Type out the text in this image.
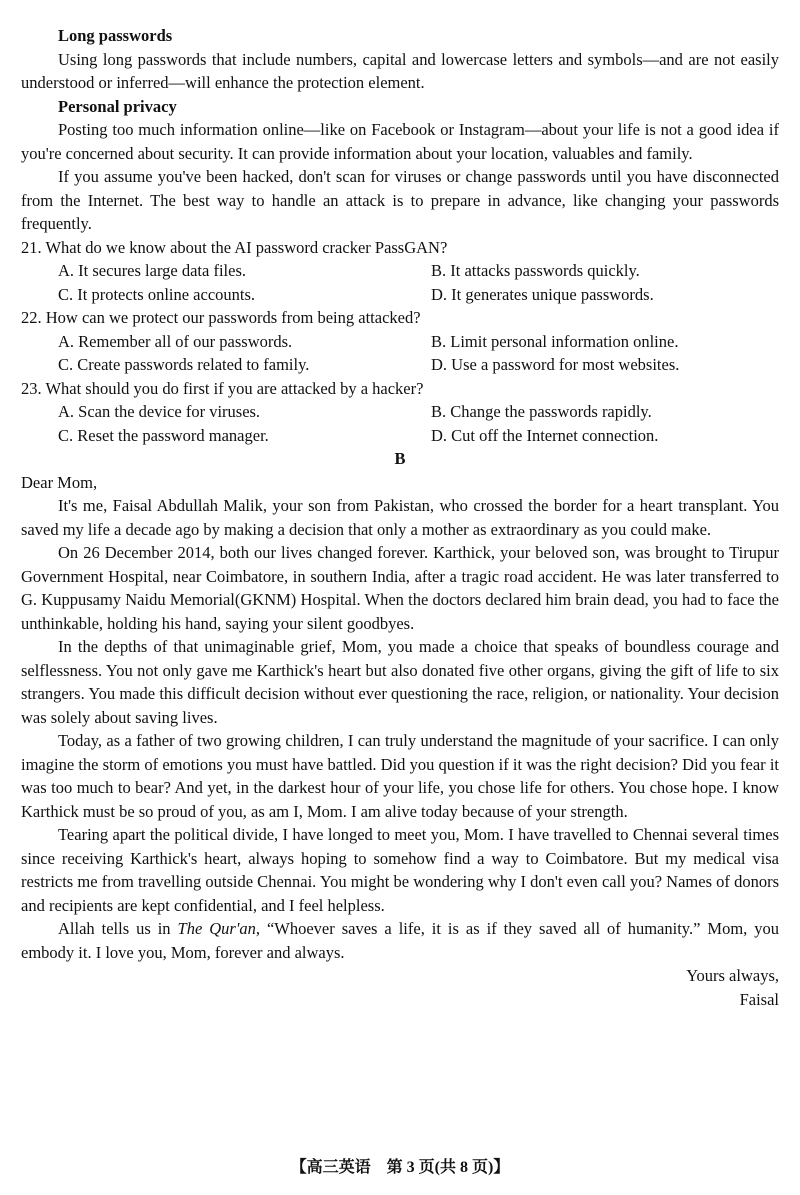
Long passwords

Using long passwords that include numbers, capital and lowercase letters and symbols—and are not easily understood or inferred—will enhance the protection element.

Personal privacy

Posting too much information online—like on Facebook or Instagram—about your life is not a good idea if you're concerned about security. It can provide information about your location, valuables and family.

If you assume you've been hacked, don't scan for viruses or change passwords until you have disconnected from the Internet. The best way to handle an attack is to prepare in advance, like changing your passwords frequently.

21. What do we know about the AI password cracker PassGAN?

A. It secures large data files.	B. It attacks passwords quickly.
C. It protects online accounts.	D. It generates unique passwords.

22. How can we protect our passwords from being attacked?

A. Remember all of our passwords.	B. Limit personal information online.
C. Create passwords related to family.	D. Use a password for most websites.

23. What should you do first if you are attacked by a hacker?

A. Scan the device for viruses.	B. Change the passwords rapidly.
C. Reset the password manager.	D. Cut off the Internet connection.

B

Dear Mom,

It's me, Faisal Abdullah Malik, your son from Pakistan, who crossed the border for a heart transplant. You saved my life a decade ago by making a decision that only a mother as extraordinary as you could make.

On 26 December 2014, both our lives changed forever. Karthick, your beloved son, was brought to Tirupur Government Hospital, near Coimbatore, in southern India, after a tragic road accident. He was later transferred to G. Kuppusamy Naidu Memorial(GKNM) Hospital. When the doctors declared him brain dead, you had to face the unthinkable, holding his hand, saying your silent goodbyes.

In the depths of that unimaginable grief, Mom, you made a choice that speaks of boundless courage and selflessness. You not only gave me Karthick's heart but also donated five other organs, giving the gift of life to six strangers. You made this difficult decision without ever questioning the race, religion, or nationality. Your decision was solely about saving lives.

Today, as a father of two growing children, I can truly understand the magnitude of your sacrifice. I can only imagine the storm of emotions you must have battled. Did you question if it was the right decision? Did you fear it was too much to bear? And yet, in the darkest hour of your life, you chose life for others. You chose hope. I know Karthick must be so proud of you, as am I, Mom. I am alive today because of your strength.

Tearing apart the political divide, I have longed to meet you, Mom. I have travelled to Chennai several times since receiving Karthick's heart, always hoping to somehow find a way to Coimbatore. But my medical visa restricts me from travelling outside Chennai. You might be wondering why I don't even call you? Names of donors and recipients are kept confidential, and I feel helpless.

Allah tells us in The Qur'an, “Whoever saves a life, it is as if they saved all of humanity.” Mom, you embody it. I love you, Mom, forever and always.

Yours always,

Faisal

【高三英语　第 3 页(共 8 页)】
